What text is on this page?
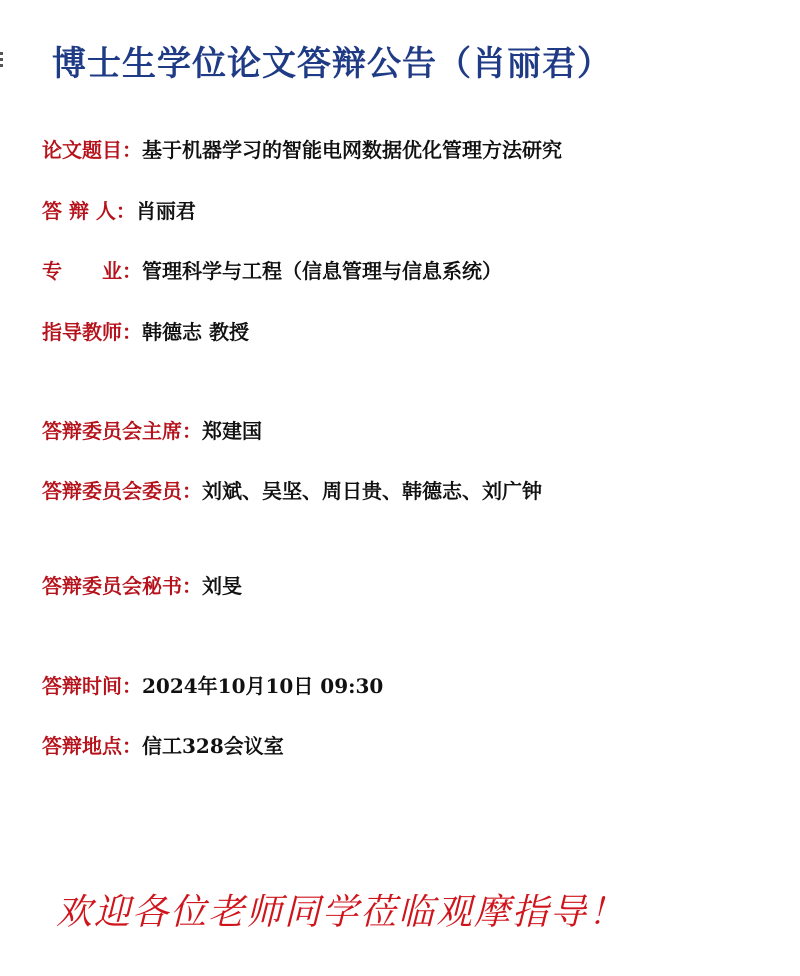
博士生学位论文答辩公告（肖丽君）
论文题目：基于机器学习的智能电网数据优化管理方法研究
答 辩 人：肖丽君
专　　业：管理科学与工程（信息管理与信息系统）
指导教师：韩德志 教授
答辩委员会主席：郑建国
答辩委员会委员：刘斌、吴坚、周日贵、韩德志、刘广钟
答辩委员会秘书：刘旻
答辩时间：2024年10月10日 09:30
答辩地点：信工328会议室
欢迎各位老师同学莅临观摩指导！
